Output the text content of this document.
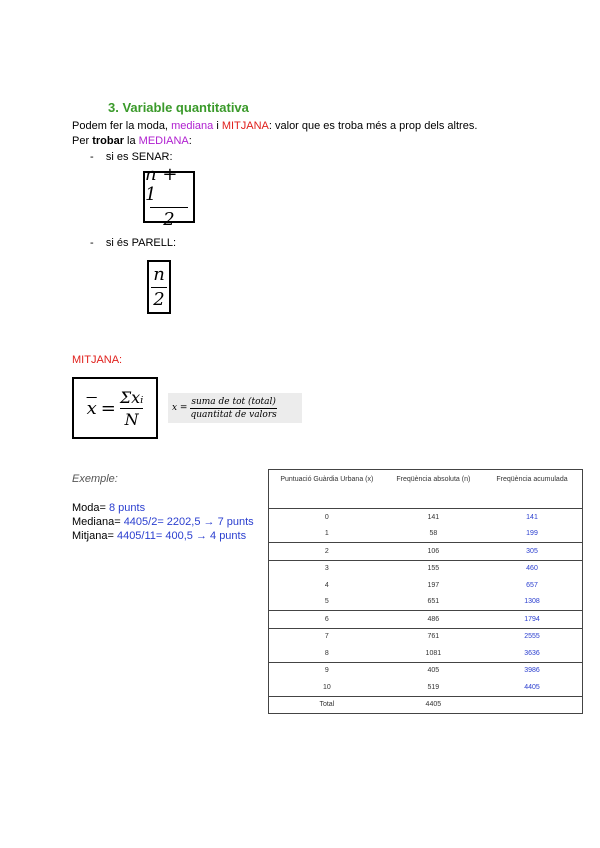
3. Variable quantitativa
Podem fer la moda, mediana i MITJANA: valor que es troba més a prop dels altres.
Per trobar la MEDIANA:
- si es SENAR:
n + 1
2
- si és PARELL:
n
2
MITJANA:
$\overline{x}$ =
Σxᵢ
N
x =
suma de tot (total)
quantitat de valors
Exemple:
Moda= 8 punts
Mediana= 4405/2= 2202,5 → 7 punts
Mitjana= 4405/11= 400,5 → 4 punts
Puntuació Guàrdia Urbana (x)	Freqüència absoluta (n)	Freqüència acumulada
0	141	141
1	58	199
2	106	305
3	155	460
4	197	657
5	651	1308
6	486	1794
7	761	2555
8	1081	3636
9	405	3986
10	519	4405
Total	4405	
